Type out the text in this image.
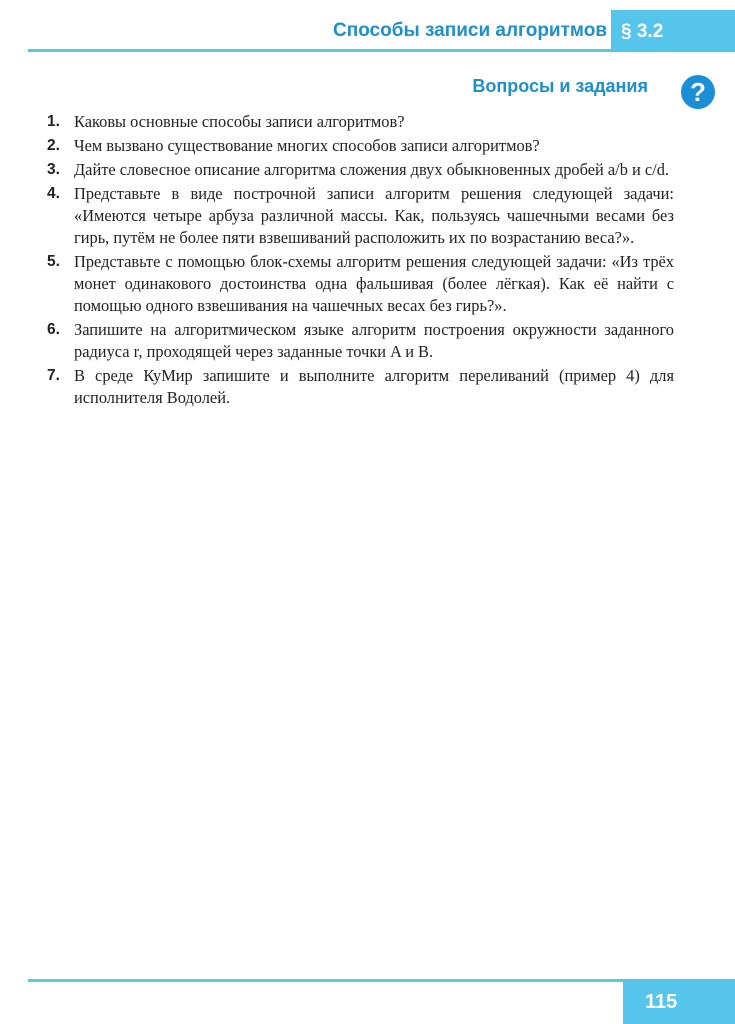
Способы записи алгоритмов § 3.2
Вопросы и задания	?
1. Каковы основные способы записи алгоритмов?
2. Чем вызвано существование многих способов записи алгоритмов?
3. Дайте словесное описание алгоритма сложения двух обыкновенных дробей a/b и c/d.
4. Представьте в виде построчной записи алгоритм решения следующей задачи: «Имеются четыре арбуза различной массы. Как, пользуясь чашечными весами без гирь, путём не более пяти взвешиваний расположить их по возрастанию веса?».
5. Представьте с помощью блок-схемы алгоритм решения следующей задачи: «Из трёх монет одинакового достоинства одна фальшивая (более лёгкая). Как её найти с помощью одного взвешивания на чашечных весах без гирь?».
6. Запишите на алгоритмическом языке алгоритм построения окружности заданного радиуса r, проходящей через заданные точки A и B.
7. В среде КуМир запишите и выполните алгоритм переливаний (пример 4) для исполнителя Водолей.
115
